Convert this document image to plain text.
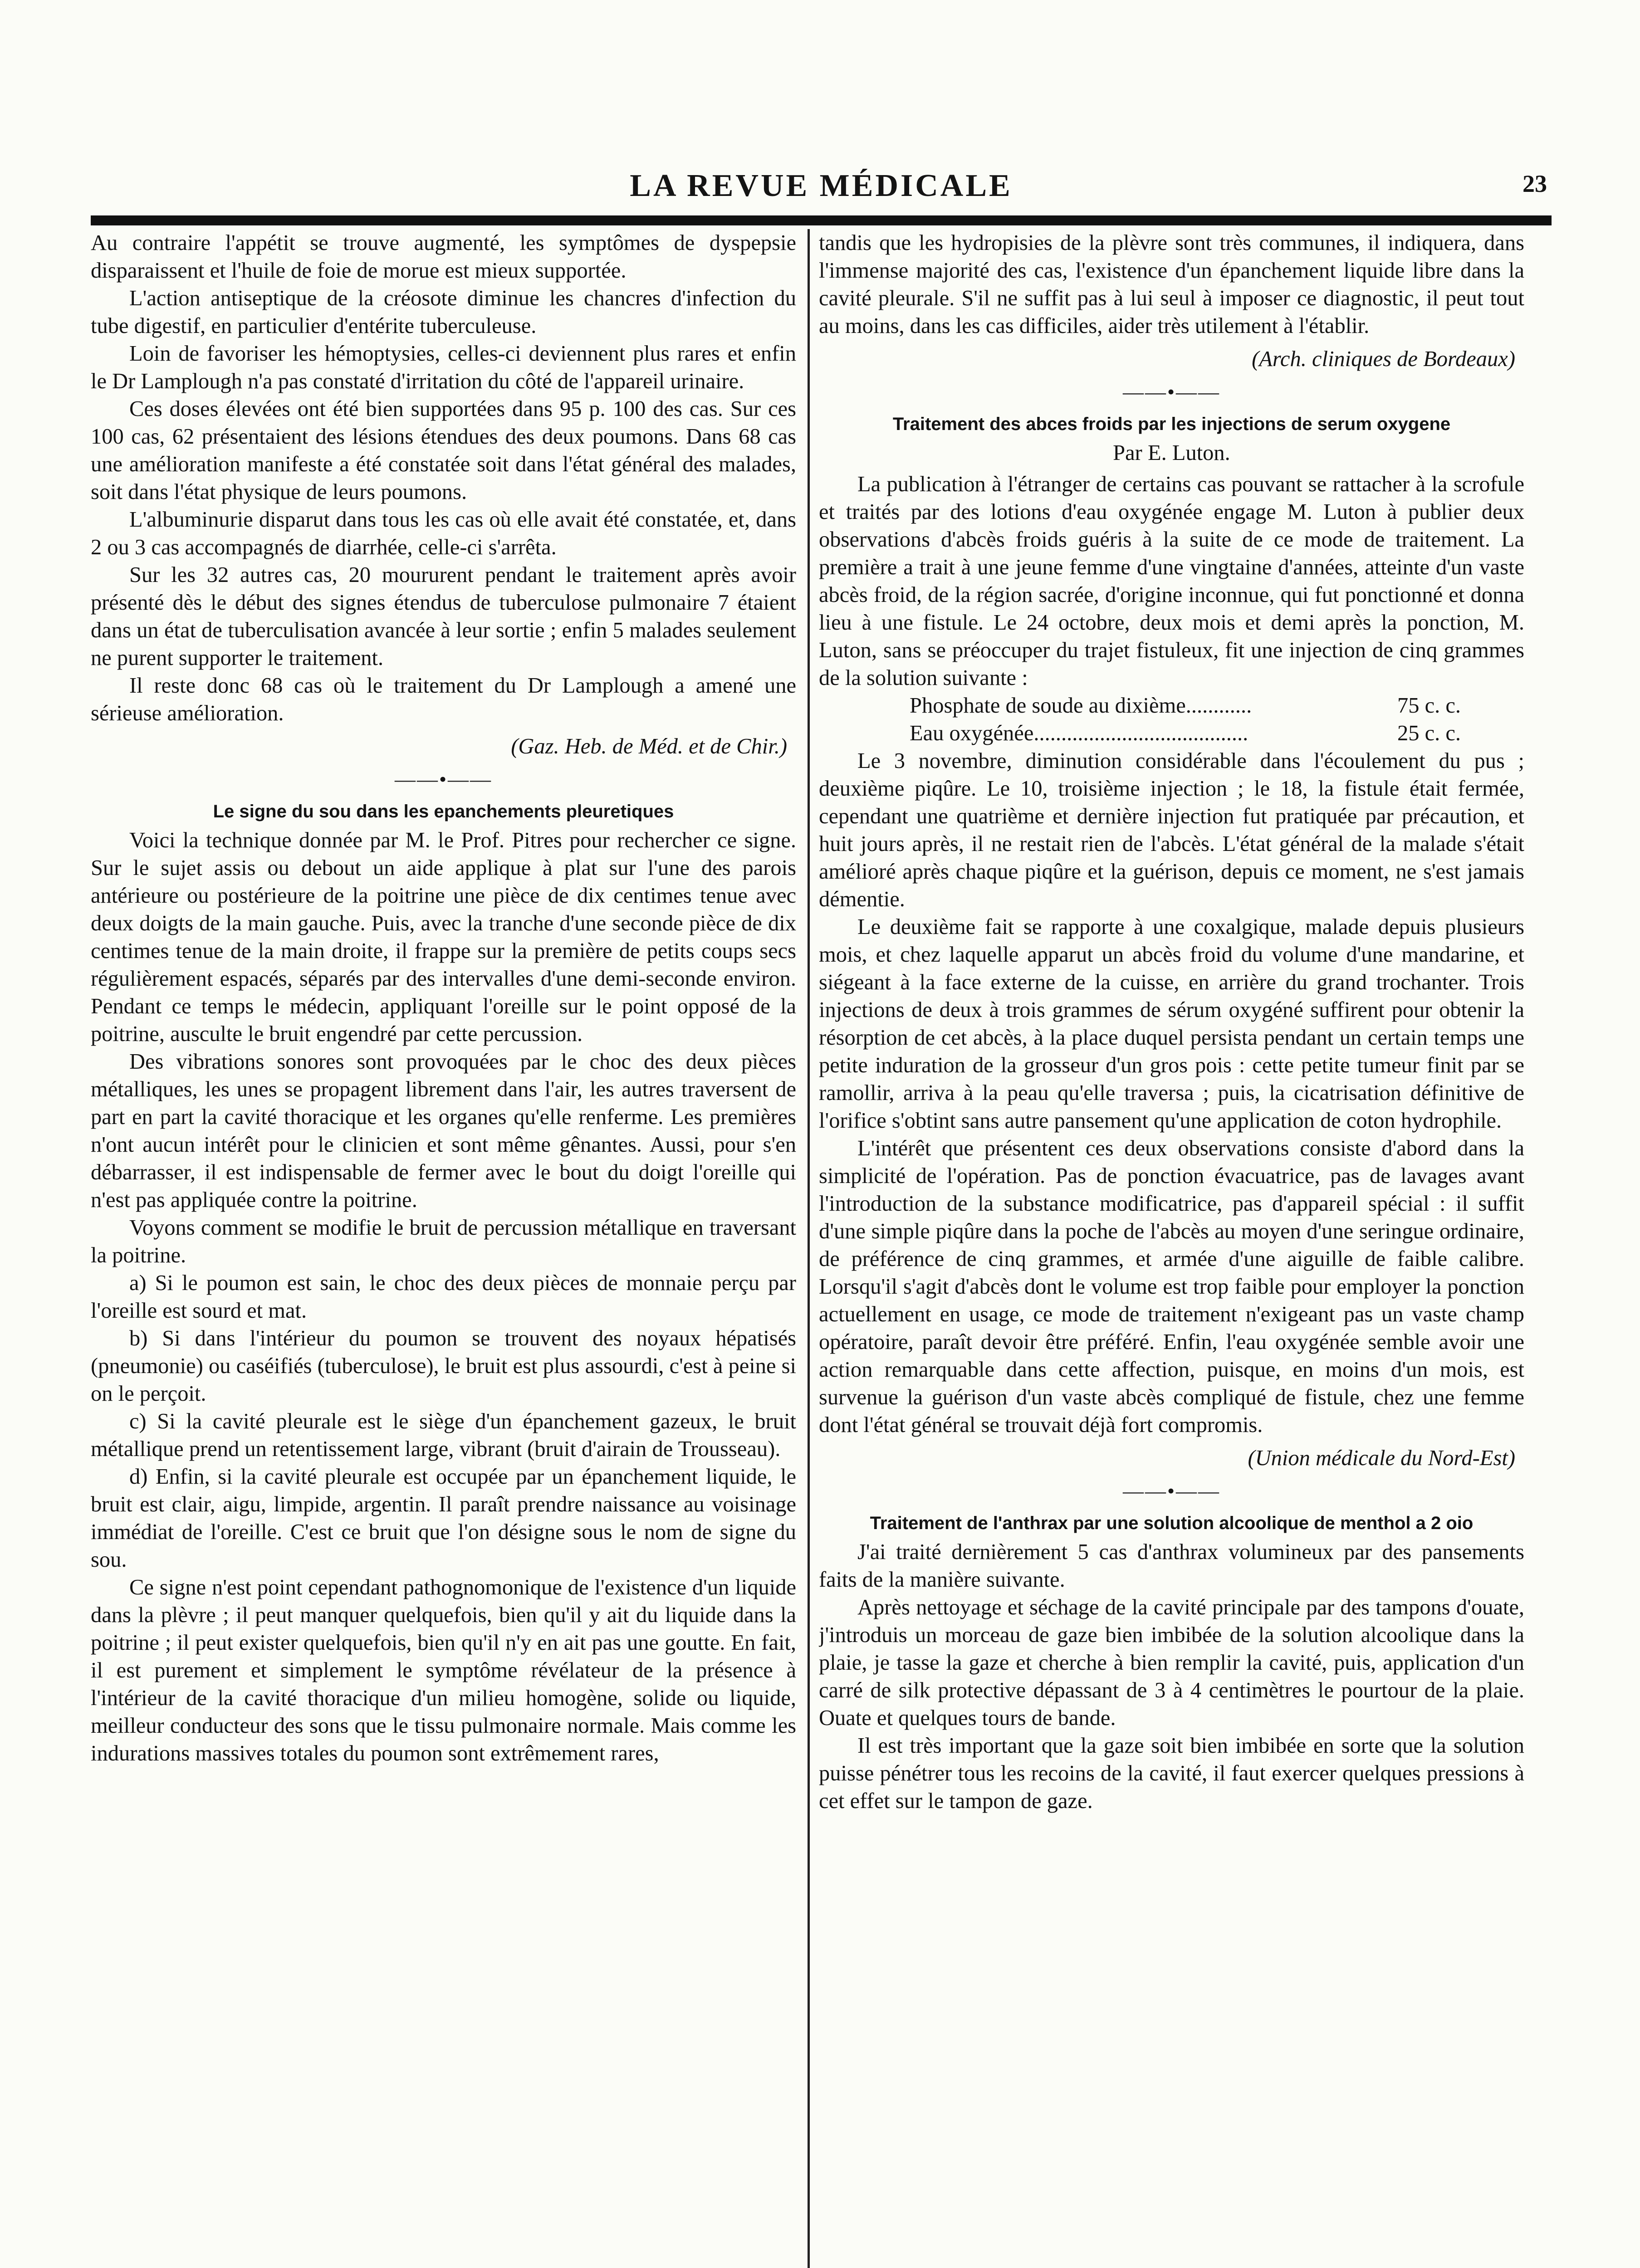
LA REVUE MÉDICALE	23

Au contraire l'appétit se trouve augmenté, les symptômes de dyspepsie disparaissent et l'huile de foie de morue est mieux supportée.

L'action antiseptique de la créosote diminue les chancres d'infection du tube digestif, en particulier d'entérite tuberculeuse.

Loin de favoriser les hémoptysies, celles-ci deviennent plus rares et enfin le Dr Lamplough n'a pas constaté d'irritation du côté de l'appareil urinaire.

Ces doses élevées ont été bien supportées dans 95 p. 100 des cas. Sur ces 100 cas, 62 présentaient des lésions étendues des deux poumons. Dans 68 cas une amélioration manifeste a été constatée soit dans l'état général des malades, soit dans l'état physique de leurs poumons.

L'albuminurie disparut dans tous les cas où elle avait été constatée, et, dans 2 ou 3 cas accompagnés de diarrhée, celle-ci s'arrêta.

Sur les 32 autres cas, 20 moururent pendant le traitement après avoir présenté dès le début des signes étendus de tuberculose pulmonaire 7 étaient dans un état de tuberculisation avancée à leur sortie ; enfin 5 malades seulement ne purent supporter le traitement.

Il reste donc 68 cas où le traitement du Dr Lamplough a amené une sérieuse amélioration.

(Gaz. Heb. de Méd. et de Chir.)

——•——
Le signe du sou dans les epanchements pleuretiques

Voici la technique donnée par M. le Prof. Pitres pour rechercher ce signe. Sur le sujet assis ou debout un aide applique à plat sur l'une des parois antérieure ou postérieure de la poitrine une pièce de dix centimes tenue avec deux doigts de la main gauche. Puis, avec la tranche d'une seconde pièce de dix centimes tenue de la main droite, il frappe sur la première de petits coups secs régulièrement espacés, séparés par des intervalles d'une demi-seconde environ. Pendant ce temps le médecin, appliquant l'oreille sur le point opposé de la poitrine, ausculte le bruit engendré par cette percussion.

Des vibrations sonores sont provoquées par le choc des deux pièces métalliques, les unes se propagent librement dans l'air, les autres traversent de part en part la cavité thoracique et les organes qu'elle renferme. Les premières n'ont aucun intérêt pour le clinicien et sont même gênantes. Aussi, pour s'en débarrasser, il est indispensable de fermer avec le bout du doigt l'oreille qui n'est pas appliquée contre la poitrine.

Voyons comment se modifie le bruit de percussion métallique en traversant la poitrine.

a) Si le poumon est sain, le choc des deux pièces de monnaie perçu par l'oreille est sourd et mat.

b) Si dans l'intérieur du poumon se trouvent des noyaux hépatisés (pneumonie) ou caséifiés (tuberculose), le bruit est plus assourdi, c'est à peine si on le perçoit.

c) Si la cavité pleurale est le siège d'un épanchement gazeux, le bruit métallique prend un retentissement large, vibrant (bruit d'airain de Trousseau).

d) Enfin, si la cavité pleurale est occupée par un épanchement liquide, le bruit est clair, aigu, limpide, argentin. Il paraît prendre naissance au voisinage immédiat de l'oreille. C'est ce bruit que l'on désigne sous le nom de signe du sou.

Ce signe n'est point cependant pathognomonique de l'existence d'un liquide dans la plèvre ; il peut manquer quelquefois, bien qu'il y ait du liquide dans la poitrine ; il peut exister quelquefois, bien qu'il n'y en ait pas une goutte. En fait, il est purement et simplement le symptôme révélateur de la présence à l'intérieur de la cavité thoracique d'un milieu homogène, solide ou liquide, meilleur conducteur des sons que le tissu pulmonaire normale. Mais comme les indurations massives totales du poumon sont extrêmement rares,

tandis que les hydropisies de la plèvre sont très communes, il indiquera, dans l'immense majorité des cas, l'existence d'un épanchement liquide libre dans la cavité pleurale. S'il ne suffit pas à lui seul à imposer ce diagnostic, il peut tout au moins, dans les cas difficiles, aider très utilement à l'établir.

(Arch. cliniques de Bordeaux)

——•——
Traitement des abces froids par les injections de serum oxygene
Par E. Luton.

La publication à l'étranger de certains cas pouvant se rattacher à la scrofule et traités par des lotions d'eau oxygénée engage M. Luton à publier deux observations d'abcès froids guéris à la suite de ce mode de traitement. La première a trait à une jeune femme d'une vingtaine d'années, atteinte d'un vaste abcès froid, de la région sacrée, d'origine inconnue, qui fut ponctionné et donna lieu à une fistule. Le 24 octobre, deux mois et demi après la ponction, M. Luton, sans se préoccuper du trajet fistuleux, fit une injection de cinq grammes de la solution suivante :

Phosphate de soude au dixième............	75 c. c.
Eau oxygénée.......................................	25 c. c.

Le 3 novembre, diminution considérable dans l'écoulement du pus ; deuxième piqûre. Le 10, troisième injection ; le 18, la fistule était fermée, cependant une quatrième et dernière injection fut pratiquée par précaution, et huit jours après, il ne restait rien de l'abcès. L'état général de la malade s'était amélioré après chaque piqûre et la guérison, depuis ce moment, ne s'est jamais démentie.

Le deuxième fait se rapporte à une coxalgique, malade depuis plusieurs mois, et chez laquelle apparut un abcès froid du volume d'une mandarine, et siégeant à la face externe de la cuisse, en arrière du grand trochanter. Trois injections de deux à trois grammes de sérum oxygéné suffirent pour obtenir la résorption de cet abcès, à la place duquel persista pendant un certain temps une petite induration de la grosseur d'un gros pois : cette petite tumeur finit par se ramollir, arriva à la peau qu'elle traversa ; puis, la cicatrisation définitive de l'orifice s'obtint sans autre pansement qu'une application de coton hydrophile.

L'intérêt que présentent ces deux observations consiste d'abord dans la simplicité de l'opération. Pas de ponction évacuatrice, pas de lavages avant l'introduction de la substance modificatrice, pas d'appareil spécial : il suffit d'une simple piqûre dans la poche de l'abcès au moyen d'une seringue ordinaire, de préférence de cinq grammes, et armée d'une aiguille de faible calibre. Lorsqu'il s'agit d'abcès dont le volume est trop faible pour employer la ponction actuellement en usage, ce mode de traitement n'exigeant pas un vaste champ opératoire, paraît devoir être préféré. Enfin, l'eau oxygénée semble avoir une action remarquable dans cette affection, puisque, en moins d'un mois, est survenue la guérison d'un vaste abcès compliqué de fistule, chez une femme dont l'état général se trouvait déjà fort compromis.

(Union médicale du Nord-Est)

——•——
Traitement de l'anthrax par une solution alcoolique de menthol a 2 oio

J'ai traité dernièrement 5 cas d'anthrax volumineux par des pansements faits de la manière suivante.

Après nettoyage et séchage de la cavité principale par des tampons d'ouate, j'introduis un morceau de gaze bien imbibée de la solution alcoolique dans la plaie, je tasse la gaze et cherche à bien remplir la cavité, puis, application d'un carré de silk protective dépassant de 3 à 4 centimètres le pourtour de la plaie. Ouate et quelques tours de bande.

Il est très important que la gaze soit bien imbibée en sorte que la solution puisse pénétrer tous les recoins de la cavité, il faut exercer quelques pressions à cet effet sur le tampon de gaze.
